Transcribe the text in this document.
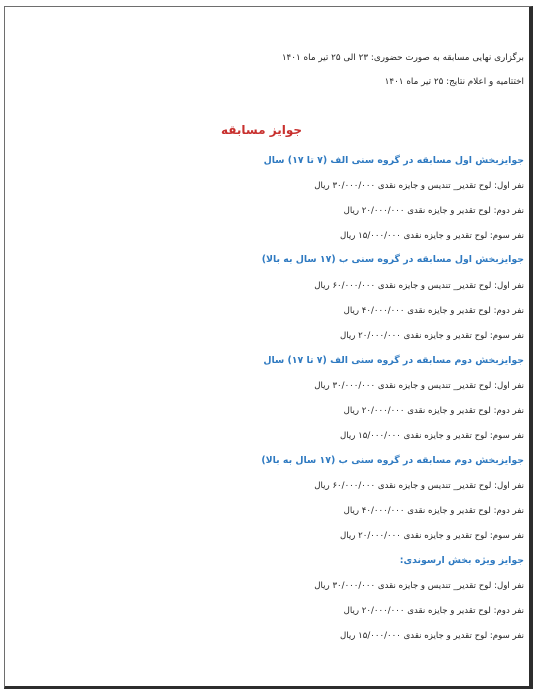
برگزاری نهایی مسابقه به صورت حضوری: ۲۳ الی ۲۵ تیر ماه ۱۴۰۱
اختتامیه و اعلام نتایج: ۲۵ تیر ماه ۱۴۰۱
جوایز مسابقه
جوایزبخش اول مسابقه در گروه سنی الف (۷ تا ۱۷) سال
نفر اول: لوح تقدیر_ تندیس و جایزه نقدی ۳۰/۰۰۰/۰۰۰ ریال
نفر دوم: لوح تقدیر و جایزه نقدی ۲۰/۰۰۰/۰۰۰ ریال
نفر سوم: لوح تقدیر و جایزه نقدی ۱۵/۰۰۰/۰۰۰ ریال
جوایزبخش اول مسابقه در گروه سنی ب (۱۷ سال به بالا)
نفر اول: لوح تقدیر_ تندیس و جایزه نقدی ۶۰/۰۰۰/۰۰۰ ریال
نفر دوم: لوح تقدیر و جایزه نقدی ۴۰/۰۰۰/۰۰۰ ریال
نفر سوم: لوح تقدیر و جایزه نقدی ۲۰/۰۰۰/۰۰۰ ریال
جوایزبخش دوم مسابقه در گروه سنی الف (۷ تا ۱۷) سال
نفر اول: لوح تقدیر_ تندیس و جایزه نقدی ۳۰/۰۰۰/۰۰۰ ریال
نفر دوم: لوح تقدیر و جایزه نقدی ۲۰/۰۰۰/۰۰۰ ریال
نفر سوم: لوح تقدیر و جایزه نقدی ۱۵/۰۰۰/۰۰۰ ریال
جوایزبخش دوم مسابقه در گروه سنی ب (۱۷ سال به بالا)
نفر اول: لوح تقدیر_ تندیس و جایزه نقدی ۶۰/۰۰۰/۰۰۰ ریال
نفر دوم: لوح تقدیر و جایزه نقدی ۴۰/۰۰۰/۰۰۰ ریال
نفر سوم: لوح تقدیر و جایزه نقدی ۲۰/۰۰۰/۰۰۰ ریال
جوایز ویژه بخش ارسوندی:
نفر اول: لوح تقدیر_ تندیس و جایزه نقدی ۳۰/۰۰۰/۰۰۰ ریال
نفر دوم: لوح تقدیر و جایزه نقدی ۲۰/۰۰۰/۰۰۰ ریال
نفر سوم: لوح تقدیر و جایزه نقدی ۱۵/۰۰۰/۰۰۰ ریال
